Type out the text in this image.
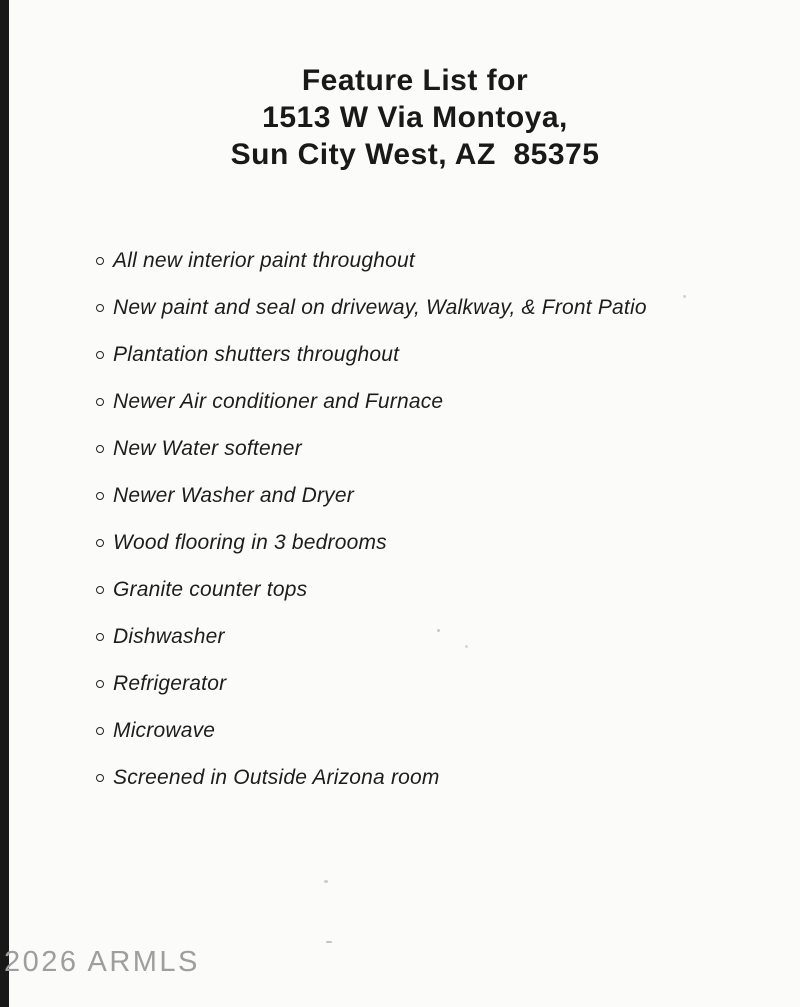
Feature List for
1513 W Via Montoya,
Sun City West, AZ  85375
All new interior paint throughout
New paint and seal on driveway, Walkway, & Front Patio
Plantation shutters throughout
Newer Air conditioner and Furnace
New Water softener
Newer Washer and Dryer
Wood flooring in 3 bedrooms
Granite counter tops
Dishwasher
Refrigerator
Microwave
Screened in Outside Arizona room
2026 ARMLS
